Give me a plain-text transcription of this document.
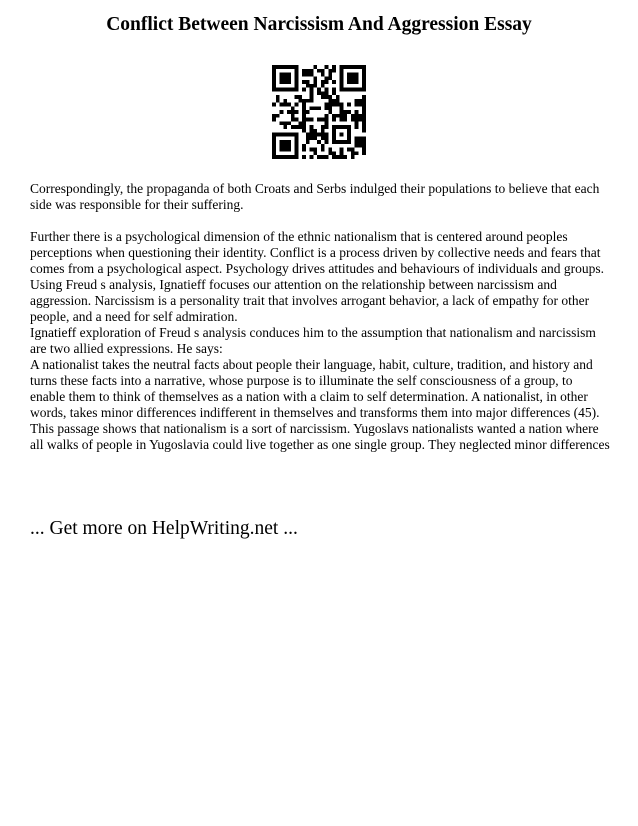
Conflict Between Narcissism And Aggression Essay

Correspondingly, the propaganda of both Croats and Serbs indulged their populations to believe that each side was responsible for their suffering.

Further there is a psychological dimension of the ethnic nationalism that is centered around peoples perceptions when questioning their identity. Conflict is a process driven by collective needs and fears that comes from a psychological aspect. Psychology drives attitudes and behaviours of individuals and groups. Using Freud s analysis, Ignatieff focuses our attention on the relationship between narcissism and aggression. Narcissism is a personality trait that involves arrogant behavior, a lack of empathy for other people, and a need for self admiration.

Ignatieff exploration of Freud s analysis conduces him to the assumption that nationalism and narcissism are two allied expressions. He says:

A nationalist takes the neutral facts about people their language, habit, culture, tradition, and history and turns these facts into a narrative, whose purpose is to illuminate the self consciousness of a group, to enable them to think of themselves as a nation with a claim to self determination. A nationalist, in other words, takes minor differences indifferent in themselves and transforms them into major differences (45).

This passage shows that nationalism is a sort of narcissism. Yugoslavs nationalists wanted a nation where all walks of people in Yugoslavia could live together as one single group. They neglected minor differences

... Get more on HelpWriting.net ...
